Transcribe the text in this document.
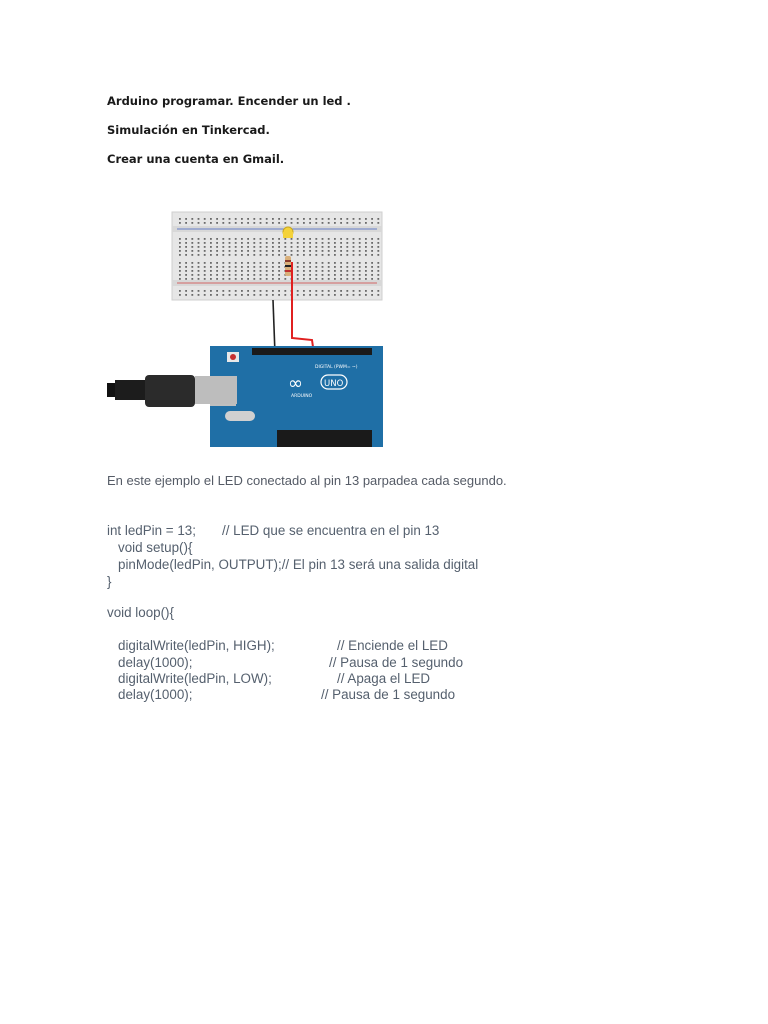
Arduino programar. Encender un led .
Simulación en Tinkercad.
Crear una cuenta en Gmail.
∞ UNO
ARDUINO
DIGITAL (PWM= ~)
En este ejemplo el LED conectado al pin 13 parpadea cada segundo.
int ledPin = 13; // LED que se encuentra en el pin 13
void setup(){
pinMode(ledPin, OUTPUT);// El pin 13 será una salida digital
}
void loop(){
digitalWrite(ledPin, HIGH);	// Enciende el LED
delay(1000);	// Pausa de 1 segundo
digitalWrite(ledPin, LOW);	// Apaga el LED
delay(1000);	// Pausa de 1 segundo
